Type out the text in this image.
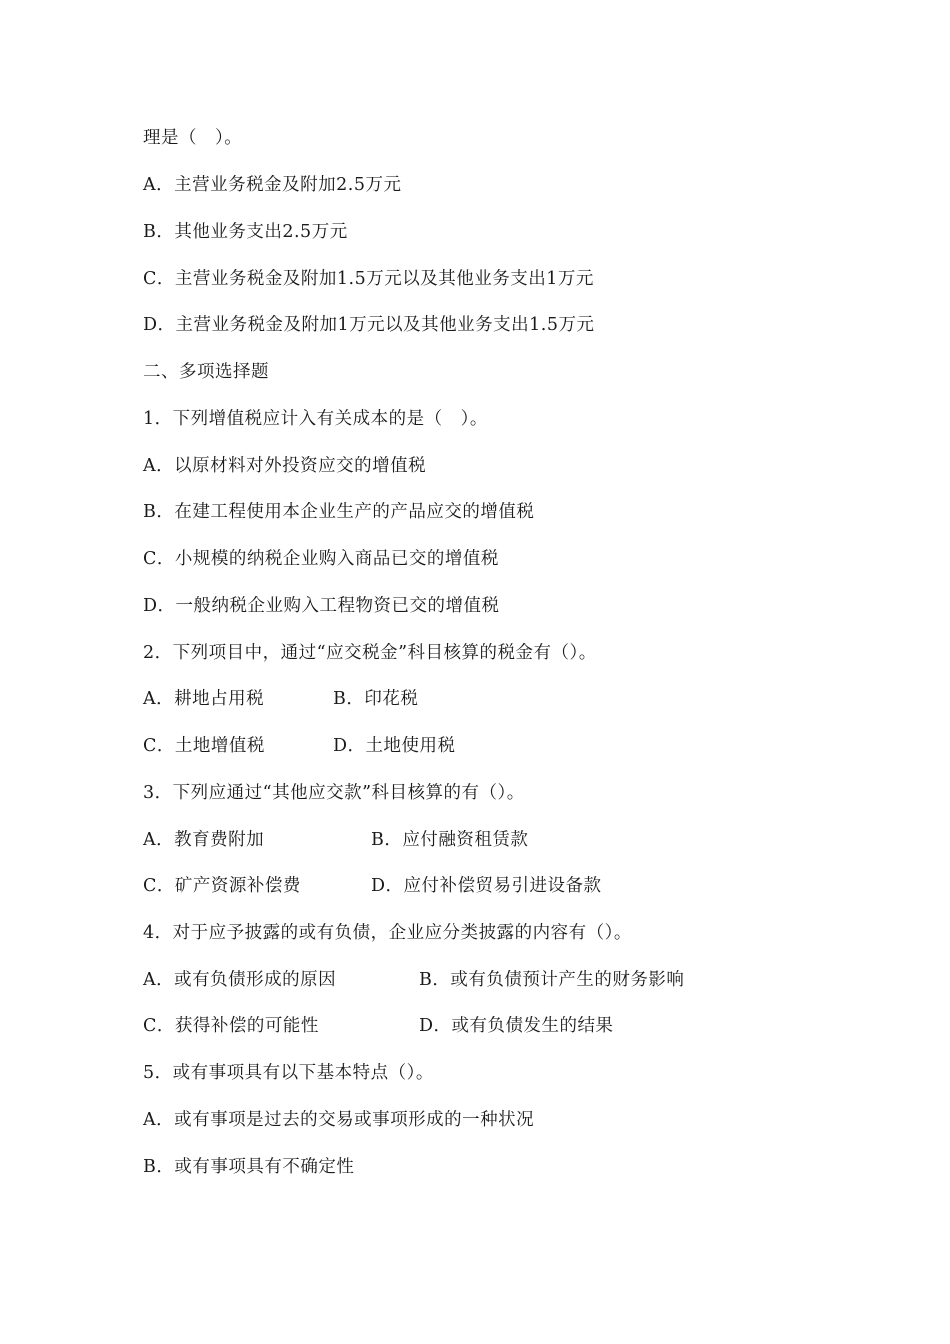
理是（　）。
A．主营业务税金及附加2.5万元
B．其他业务支出2.5万元
C．主营业务税金及附加1.5万元以及其他业务支出1万元
D．主营业务税金及附加1万元以及其他业务支出1.5万元
二、多项选择题
1．下列增值税应计入有关成本的是（　）。
A．以原材料对外投资应交的增值税
B．在建工程使用本企业生产的产品应交的增值税
C．小规模的纳税企业购入商品已交的增值税
D．一般纳税企业购入工程物资已交的增值税
2．下列项目中，通过“应交税金”科目核算的税金有（）。
A．耕地占用税	B．印花税
C．土地增值税	D．土地使用税
3．下列应通过“其他应交款”科目核算的有（）。
A．教育费附加	B．应付融资租赁款
C．矿产资源补偿费	D．应付补偿贸易引进设备款
4．对于应予披露的或有负债，企业应分类披露的内容有（）。
A．或有负债形成的原因	B．或有负债预计产生的财务影响
C．获得补偿的可能性	D．或有负债发生的结果
5．或有事项具有以下基本特点（）。
A．或有事项是过去的交易或事项形成的一种状况
B．或有事项具有不确定性
